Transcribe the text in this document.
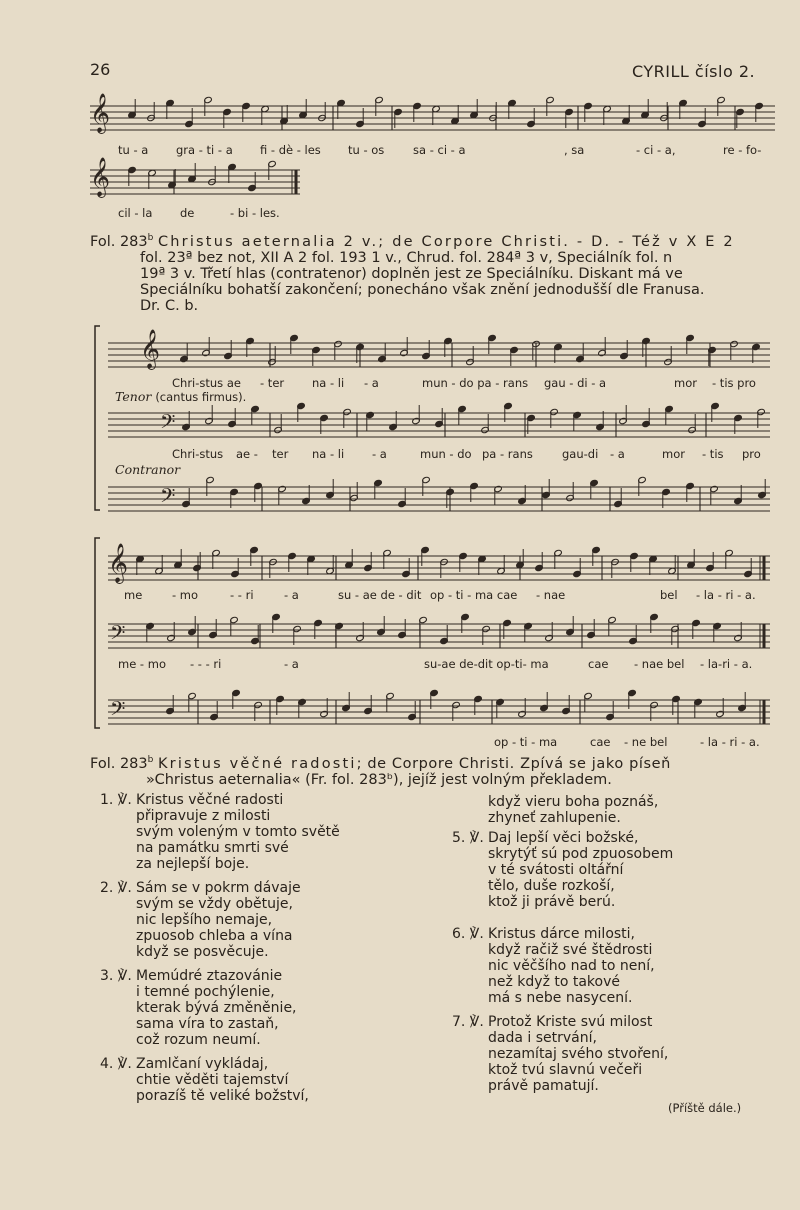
26	CYRILL číslo 2.
𝄞
𝄞
𝄞
𝄢
𝄢
𝄞
𝄢
𝄢
tu - a gra - ti - a fi - dè - les tu - os sa - ci - a	, sa	- ci - a,	re - fo-
cil - la de	- bi - les.
Fol. 283$^b$ Christus aeternalia 2 v.; de Corpore Christi. - D. - Též v X E 2
fol. 23ª bez not, XII A 2 fol. 193 1 v., Chrud. fol. 284ª 3 v, Speciálník fol. n
19ª 3 v. Třetí hlas (contratenor) doplněn jest ze Speciálníku. Diskant má ve
Speciálníku bohatší zakončení; ponecháno však znění jednodušší dle Franusa.
Dr. C. b.
Chri-stus ae - ter na - li - a	mun - do pa - rans gau - di - a	mor - tis pro
Tenor (cantus firmus).
Chri-stus ae - ter na - li - a	mun - do pa - rans	gau-di - a	mor - tis pro
Contranor
me	- mo	- - ri	- a	su - ae de - dit op - ti - ma cae - nae	bel - la - ri - a.
me - mo - - - ri	- a	su-ae de-dit op-ti- ma	cae - nae bel - la-ri - a.
op - ti - ma	cae - ne bel	- la - ri - a.
Fol. 283$^b$ Kristus věčné radosti; de Corpore Christi. Zpívá se jako píseň
»Christus aeternalia« (Fr. fol. 283ᵇ), jejíž jest volným překladem.
1. ℣. Kristus věčné radosti
připravuje z milosti
svým voleným v tomto světě
na památku smrti své
za nejlepší boje.
2. ℣. Sám se v pokrm dávaje
svým se vždy obětuje,
nic lepšího nemaje,
zpuosob chleba a vína
když se posvěcuje.
3. ℣. Memúdré ztazovánie
i temné pochýlenie,
kterak bývá změněnie,
sama víra to zastaň,
což rozum neumí.
4. ℣. Zamlčaní vykládaj,
chtie věděti tajemství
porazíš tě veliké božství,
když vieru boha poznáš,
zhyneť zahlupenie.
5. ℣. Daj lepší věci božské,
skrytýť sú pod zpuosobem
v té svátosti oltářní
tělo, duše rozkoší,
ktož ji právě berú.
6. ℣. Kristus dárce milosti,
když račiž své štědrosti
nic věčšího nad to není,
než když to takové
má s nebe nasycení.
7. ℣. Protož Kriste svú milost
dada i setrvání,
nezamítaj svého stvoření,
ktož tvú slavnú večeři
právě pamatují.
(Příště dále.)
